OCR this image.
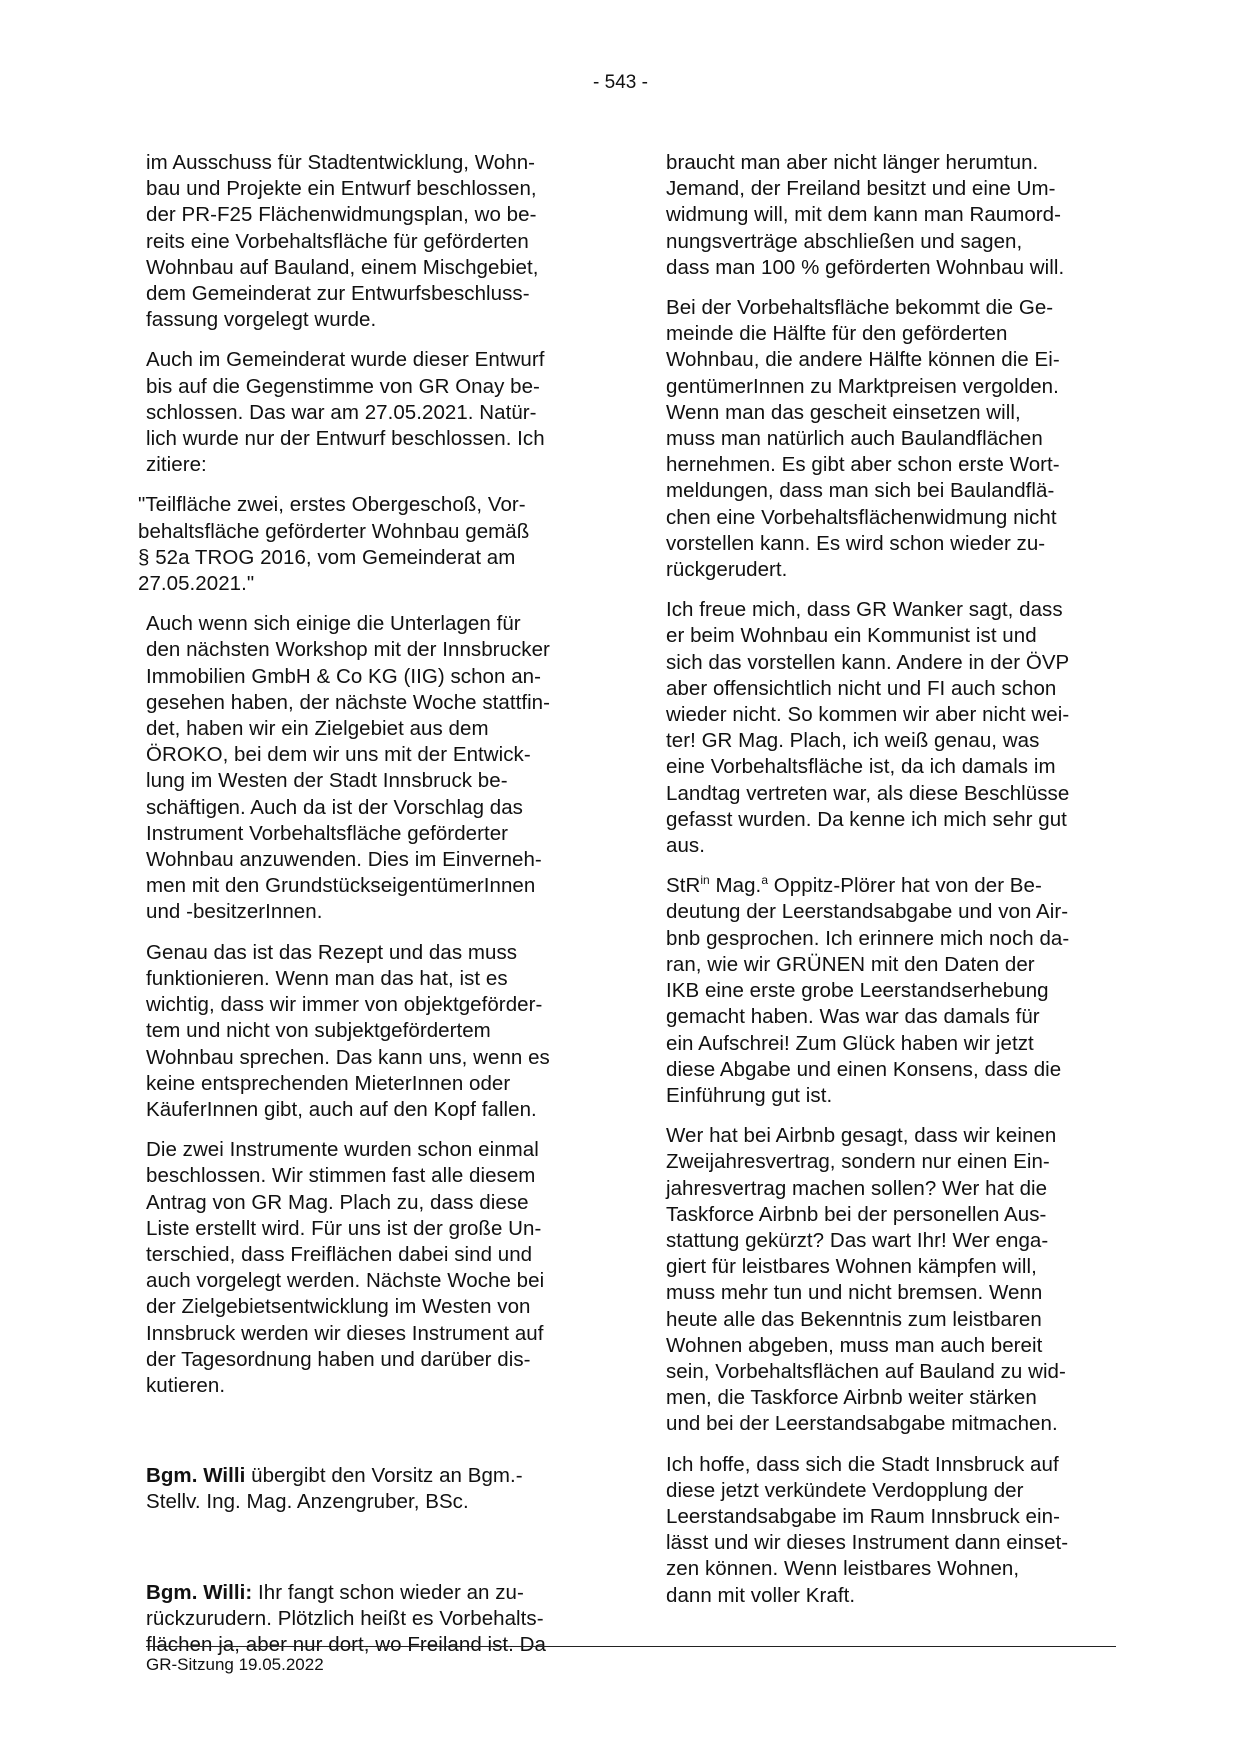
- 543 -

im Ausschuss für Stadtentwicklung, Wohn-
bau und Projekte ein Entwurf beschlossen,
der PR-F25 Flächenwidmungsplan, wo be-
reits eine Vorbehaltsfläche für geförderten
Wohnbau auf Bauland, einem Mischgebiet,
dem Gemeinderat zur Entwurfsbeschluss-
fassung vorgelegt wurde.

Auch im Gemeinderat wurde dieser Entwurf
bis auf die Gegenstimme von GR Onay be-
schlossen. Das war am 27.05.2021. Natür-
lich wurde nur der Entwurf beschlossen. Ich
zitiere:

"Teilfläche zwei, erstes Obergeschoß, Vor-
behaltsfläche geförderter Wohnbau gemäß
§ 52a TROG 2016, vom Gemeinderat am
27.05.2021."

Auch wenn sich einige die Unterlagen für
den nächsten Workshop mit der Innsbrucker
Immobilien GmbH & Co KG (IIG) schon an-
gesehen haben, der nächste Woche stattfin-
det, haben wir ein Zielgebiet aus dem
ÖROKO, bei dem wir uns mit der Entwick-
lung im Westen der Stadt Innsbruck be-
schäftigen. Auch da ist der Vorschlag das
Instrument Vorbehaltsfläche geförderter
Wohnbau anzuwenden. Dies im Einverneh-
men mit den GrundstückseigentümerInnen
und -besitzerInnen.

Genau das ist das Rezept und das muss
funktionieren. Wenn man das hat, ist es
wichtig, dass wir immer von objektgeförder-
tem und nicht von subjektgefördertem
Wohnbau sprechen. Das kann uns, wenn es
keine entsprechenden MieterInnen oder
KäuferInnen gibt, auch auf den Kopf fallen.

Die zwei Instrumente wurden schon einmal
beschlossen. Wir stimmen fast alle diesem
Antrag von GR Mag. Plach zu, dass diese
Liste erstellt wird. Für uns ist der große Un-
terschied, dass Freiflächen dabei sind und
auch vorgelegt werden. Nächste Woche bei
der Zielgebietsentwicklung im Westen von
Innsbruck werden wir dieses Instrument auf
der Tagesordnung haben und darüber dis-
kutieren.

Bgm. Willi übergibt den Vorsitz an Bgm.-
Stellv. Ing. Mag. Anzengruber, BSc.

Bgm. Willi: Ihr fangt schon wieder an zu-
rückzurudern. Plötzlich heißt es Vorbehalts-
flächen ja, aber nur dort, wo Freiland ist. Da

braucht man aber nicht länger herumtun.
Jemand, der Freiland besitzt und eine Um-
widmung will, mit dem kann man Raumord-
nungsverträge abschließen und sagen,
dass man 100 % geförderten Wohnbau will.

Bei der Vorbehaltsfläche bekommt die Ge-
meinde die Hälfte für den geförderten
Wohnbau, die andere Hälfte können die Ei-
gentümerInnen zu Marktpreisen vergolden.
Wenn man das gescheit einsetzen will,
muss man natürlich auch Baulandflächen
hernehmen. Es gibt aber schon erste Wort-
meldungen, dass man sich bei Baulandflä-
chen eine Vorbehaltsflächenwidmung nicht
vorstellen kann. Es wird schon wieder zu-
rückgerudert.

Ich freue mich, dass GR Wanker sagt, dass
er beim Wohnbau ein Kommunist ist und
sich das vorstellen kann. Andere in der ÖVP
aber offensichtlich nicht und FI auch schon
wieder nicht. So kommen wir aber nicht wei-
ter! GR Mag. Plach, ich weiß genau, was
eine Vorbehaltsfläche ist, da ich damals im
Landtag vertreten war, als diese Beschlüsse
gefasst wurden. Da kenne ich mich sehr gut
aus.

StR$^{in}$ Mag.$^a$ Oppitz-Plörer hat von der Be-
deutung der Leerstandsabgabe und von Air-
bnb gesprochen. Ich erinnere mich noch da-
ran, wie wir GRÜNEN mit den Daten der
IKB eine erste grobe Leerstandserhebung
gemacht haben. Was war das damals für
ein Aufschrei! Zum Glück haben wir jetzt
diese Abgabe und einen Konsens, dass die
Einführung gut ist.

Wer hat bei Airbnb gesagt, dass wir keinen
Zweijahresvertrag, sondern nur einen Ein-
jahresvertrag machen sollen? Wer hat die
Taskforce Airbnb bei der personellen Aus-
stattung gekürzt? Das wart Ihr! Wer enga-
giert für leistbares Wohnen kämpfen will,
muss mehr tun und nicht bremsen. Wenn
heute alle das Bekenntnis zum leistbaren
Wohnen abgeben, muss man auch bereit
sein, Vorbehaltsflächen auf Bauland zu wid-
men, die Taskforce Airbnb weiter stärken
und bei der Leerstandsabgabe mitmachen.

Ich hoffe, dass sich die Stadt Innsbruck auf
diese jetzt verkündete Verdopplung der
Leerstandsabgabe im Raum Innsbruck ein-
lässt und wir dieses Instrument dann einset-
zen können. Wenn leistbares Wohnen,
dann mit voller Kraft.

GR-Sitzung 19.05.2022
